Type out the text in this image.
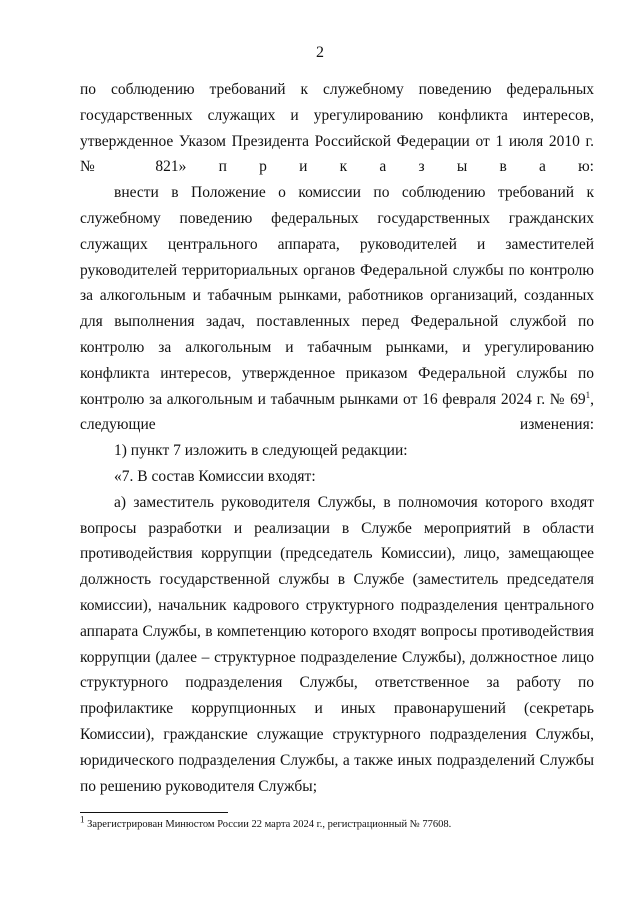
2

по соблюдению требований к служебному поведению федеральных государственных служащих и урегулированию конфликта интересов, утвержденное Указом Президента Российской Федерации от 1 июля 2010 г. № 821» п р и к а з ы в а ю:

внести в Положение о комиссии по соблюдению требований к служебному поведению федеральных государственных гражданских служащих центрального аппарата, руководителей и заместителей руководителей территориальных органов Федеральной службы по контролю за алкогольным и табачным рынками, работников организаций, созданных для выполнения задач, поставленных перед Федеральной службой по контролю за алкогольным и табачным рынками, и урегулированию конфликта интересов, утвержденное приказом Федеральной службы по контролю за алкогольным и табачным рынками от 16 февраля 2024 г. № $69^1$, следующие изменения:

1) пункт 7 изложить в следующей редакции:

«7. В состав Комиссии входят:

а) заместитель руководителя Службы, в полномочия которого входят вопросы разработки и реализации в Службе мероприятий в области противодействия коррупции (председатель Комиссии), лицо, замещающее должность государственной службы в Службе (заместитель председателя комиссии), начальник кадрового структурного подразделения центрального аппарата Службы, в компетенцию которого входят вопросы противодействия коррупции (далее – структурное подразделение Службы), должностное лицо структурного подразделения Службы, ответственное за работу по профилактике коррупционных и иных правонарушений (секретарь Комиссии), гражданские служащие структурного подразделения Службы, юридического подразделения Службы, а также иных подразделений Службы по решению руководителя Службы;

$^1$ Зарегистрирован Минюстом России 22 марта 2024 г., регистрационный № 77608.
